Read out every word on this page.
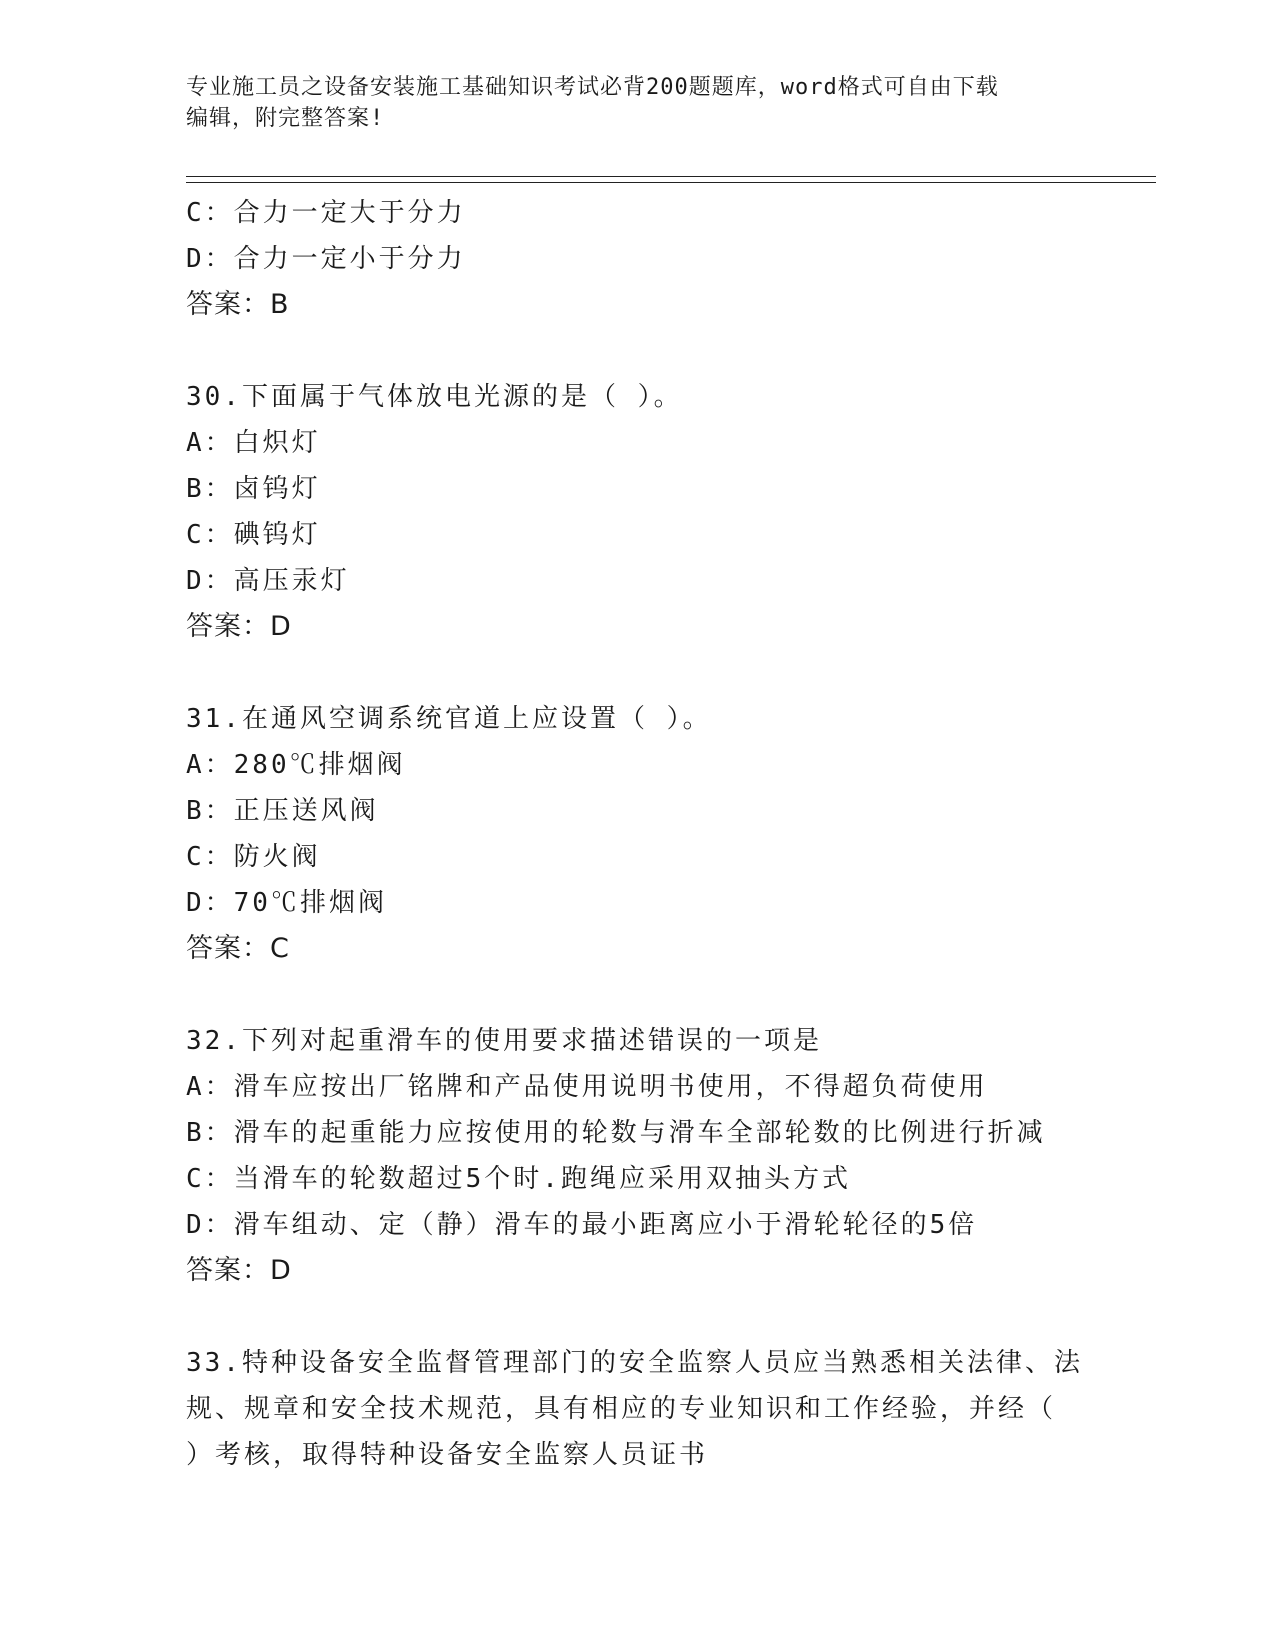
专业施工员之设备安装施工基础知识考试必背200题题库，word格式可自由下载
编辑，附完整答案!
C：合力一定大于分力
D：合力一定小于分力
答案：B
30.下面属于气体放电光源的是（ ）。
A：白炽灯
B：卤钨灯
C：碘钨灯
D：高压汞灯
答案：D
31.在通风空调系统官道上应设置（ ）。
A：280℃排烟阀
B：正压送风阀
C：防火阀
D：70℃排烟阀
答案：C
32.下列对起重滑车的使用要求描述错误的一项是
A：滑车应按出厂铭牌和产品使用说明书使用，不得超负荷使用
B：滑车的起重能力应按使用的轮数与滑车全部轮数的比例进行折减
C：当滑车的轮数超过5个时.跑绳应采用双抽头方式
D：滑车组动、定（静）滑车的最小距离应小于滑轮轮径的5倍
答案：D
33.特种设备安全监督管理部门的安全监察人员应当熟悉相关法律、法
规、规章和安全技术规范，具有相应的专业知识和工作经验，并经（
）考核，取得特种设备安全监察人员证书
